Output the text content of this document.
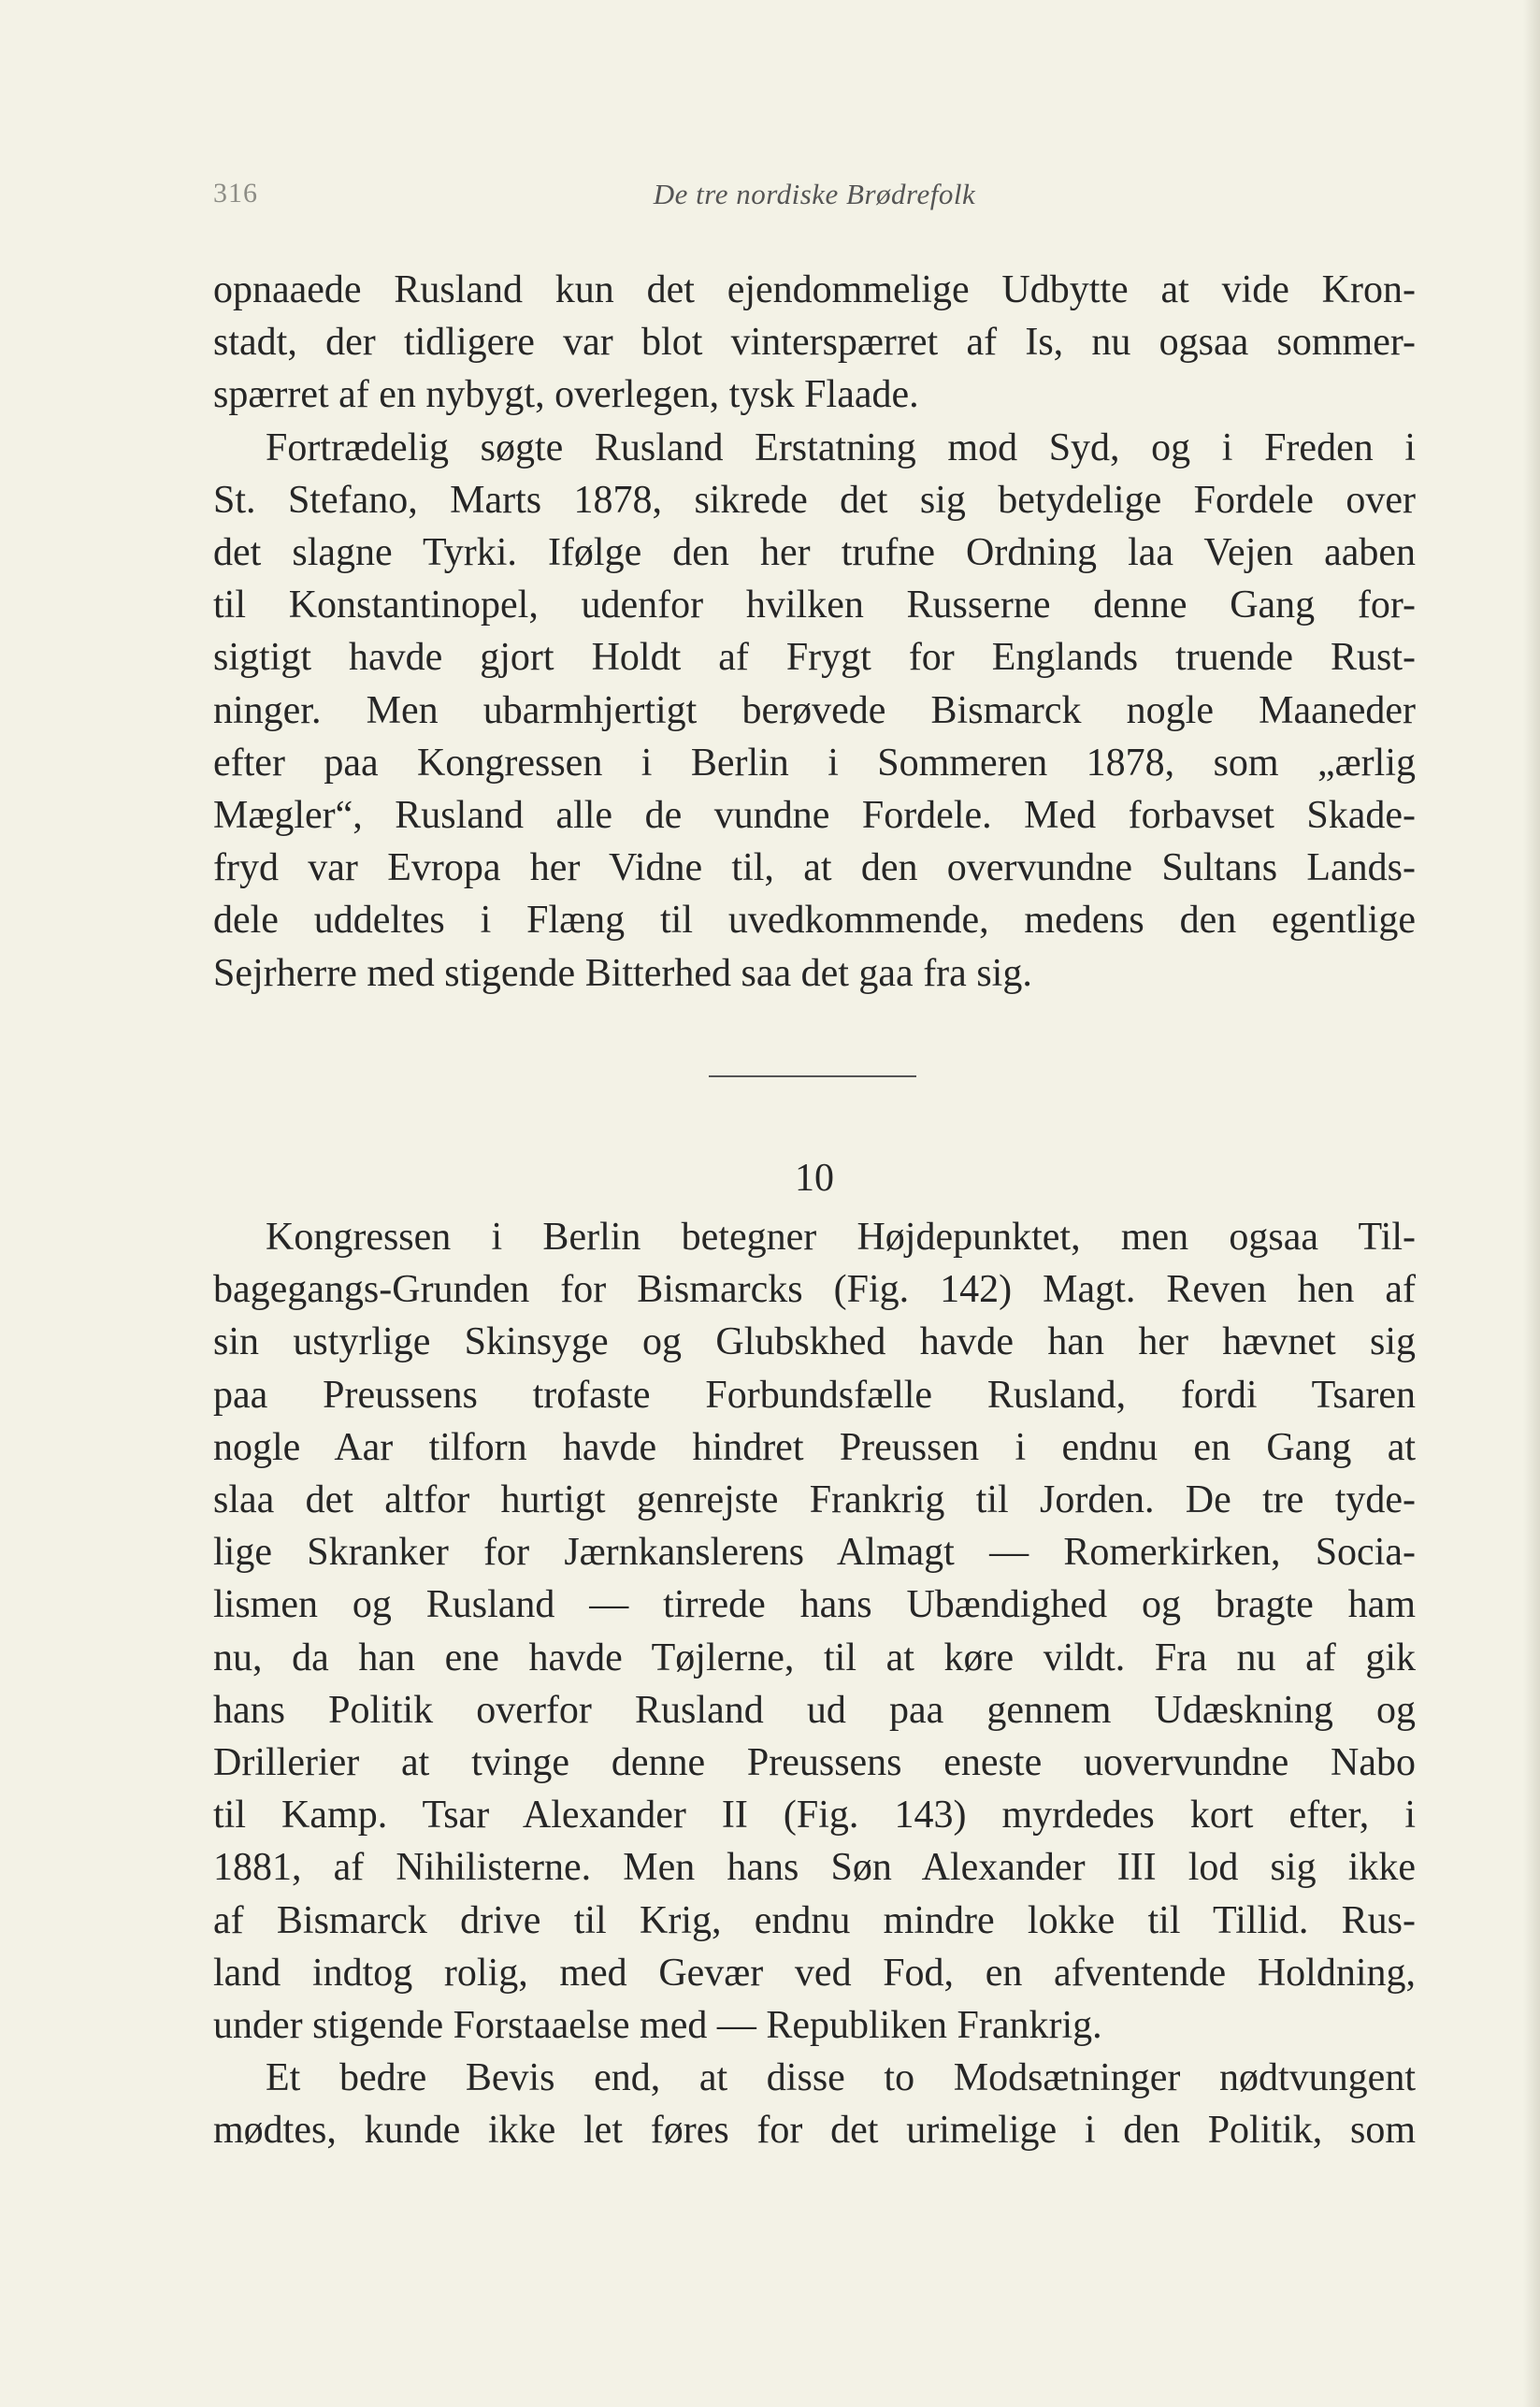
316	De tre nordiske Brødrefolk

opnaaede Rusland kun det ejendommelige Udbytte at vide Kron-

stadt, der tidligere var blot vinterspærret af Is, nu ogsaa sommer-

spærret af en nybygt, overlegen, tysk Flaade.

Fortrædelig søgte Rusland Erstatning mod Syd, og i Freden i

St. Stefano, Marts 1878, sikrede det sig betydelige Fordele over

det slagne Tyrki. Ifølge den her trufne Ordning laa Vejen aaben

til Konstantinopel, udenfor hvilken Russerne denne Gang for-

sigtigt havde gjort Holdt af Frygt for Englands truende Rust-

ninger. Men ubarmhjertigt berøvede Bismarck nogle Maaneder

efter paa Kongressen i Berlin i Sommeren 1878, som „ærlig

Mægler“, Rusland alle de vundne Fordele. Med forbavset Skade-

fryd var Evropa her Vidne til, at den overvundne Sultans Lands-

dele uddeltes i Flæng til uvedkommende, medens den egentlige

Sejrherre med stigende Bitterhed saa det gaa fra sig.

10

Kongressen i Berlin betegner Højdepunktet, men ogsaa Til-

bagegangs-Grunden for Bismarcks (Fig. 142) Magt. Reven hen af

sin ustyrlige Skinsyge og Glubskhed havde han her hævnet sig

paa Preussens trofaste Forbundsfælle Rusland, fordi Tsaren

nogle Aar tilforn havde hindret Preussen i endnu en Gang at

slaa det altfor hurtigt genrejste Frankrig til Jorden. De tre tyde-

lige Skranker for Jærnkanslerens Almagt — Romerkirken, Socia-

lismen og Rusland — tirrede hans Ubændighed og bragte ham

nu, da han ene havde Tøjlerne, til at køre vildt. Fra nu af gik

hans Politik overfor Rusland ud paa gennem Udæskning og

Drillerier at tvinge denne Preussens eneste uovervundne Nabo

til Kamp. Tsar Alexander II (Fig. 143) myrdedes kort efter, i

1881, af Nihilisterne. Men hans Søn Alexander III lod sig ikke

af Bismarck drive til Krig, endnu mindre lokke til Tillid. Rus-

land indtog rolig, med Gevær ved Fod, en afventende Holdning,

under stigende Forstaaelse med — Republiken Frankrig.

Et bedre Bevis end, at disse to Modsætninger nødtvungent

mødtes, kunde ikke let føres for det urimelige i den Politik, som
